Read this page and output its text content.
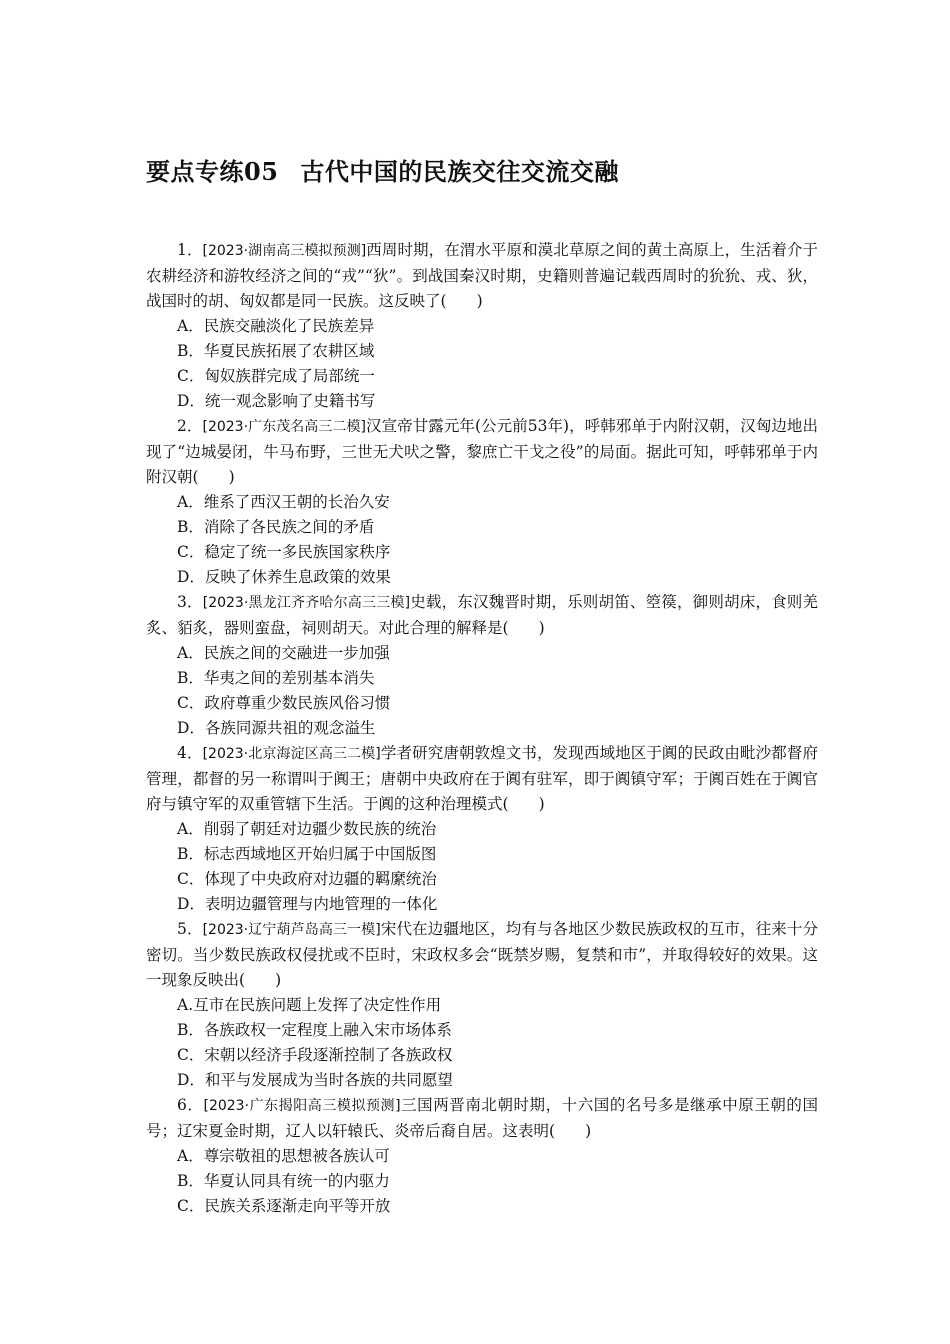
要点专练05 古代中国的民族交往交流交融

1．[2023·湖南高三模拟预测]西周时期，在渭水平原和漠北草原之间的黄土高原上，生活着介于农耕经济和游牧经济之间的“戎”“狄”。到战国秦汉时期，史籍则普遍记载西周时的狁狁、戎、狄，战国时的胡、匈奴都是同一民族。这反映了( )

A．民族交融淡化了民族差异

B．华夏民族拓展了农耕区域

C．匈奴族群完成了局部统一

D．统一观念影响了史籍书写

2．[2023·广东茂名高三二模]汉宣帝甘露元年(公元前53年)，呼韩邪单于内附汉朝，汉匈边地出现了“边城晏闭，牛马布野，三世无犬吠之警，黎庶亡干戈之役”的局面。据此可知，呼韩邪单于内附汉朝( )

A．维系了西汉王朝的长治久安

B．消除了各民族之间的矛盾

C．稳定了统一多民族国家秩序

D．反映了休养生息政策的效果

3．[2023·黑龙江齐齐哈尔高三三模]史载，东汉魏晋时期，乐则胡笛、箜篌，御则胡床，食则羌炙、貊炙，器则蛮盘，祠则胡天。对此合理的解释是( )

A．民族之间的交融进一步加强

B．华夷之间的差别基本消失

C．政府尊重少数民族风俗习惯

D．各族同源共祖的观念溢生

4．[2023·北京海淀区高三二模]学者研究唐朝敦煌文书，发现西域地区于阗的民政由毗沙都督府管理，都督的另一称谓叫于阗王；唐朝中央政府在于阗有驻军，即于阗镇守军；于阗百姓在于阗官府与镇守军的双重管辖下生活。于阗的这种治理模式( )

A．削弱了朝廷对边疆少数民族的统治

B．标志西域地区开始归属于中国版图

C．体现了中央政府对边疆的羁縻统治

D．表明边疆管理与内地管理的一体化

5．[2023·辽宁葫芦岛高三一模]宋代在边疆地区，均有与各地区少数民族政权的互市，往来十分密切。当少数民族政权侵扰或不臣时，宋政权多会“既禁岁赐，复禁和市”，并取得较好的效果。这一现象反映出( )

A.互市在民族问题上发挥了决定性作用

B．各族政权一定程度上融入宋市场体系

C．宋朝以经济手段逐渐控制了各族政权

D．和平与发展成为当时各族的共同愿望

6．[2023·广东揭阳高三模拟预测]三国两晋南北朝时期，十六国的名号多是继承中原王朝的国号；辽宋夏金时期，辽人以轩辕氏、炎帝后裔自居。这表明( )

A．尊宗敬祖的思想被各族认可

B．华夏认同具有统一的内驱力

C．民族关系逐渐走向平等开放
